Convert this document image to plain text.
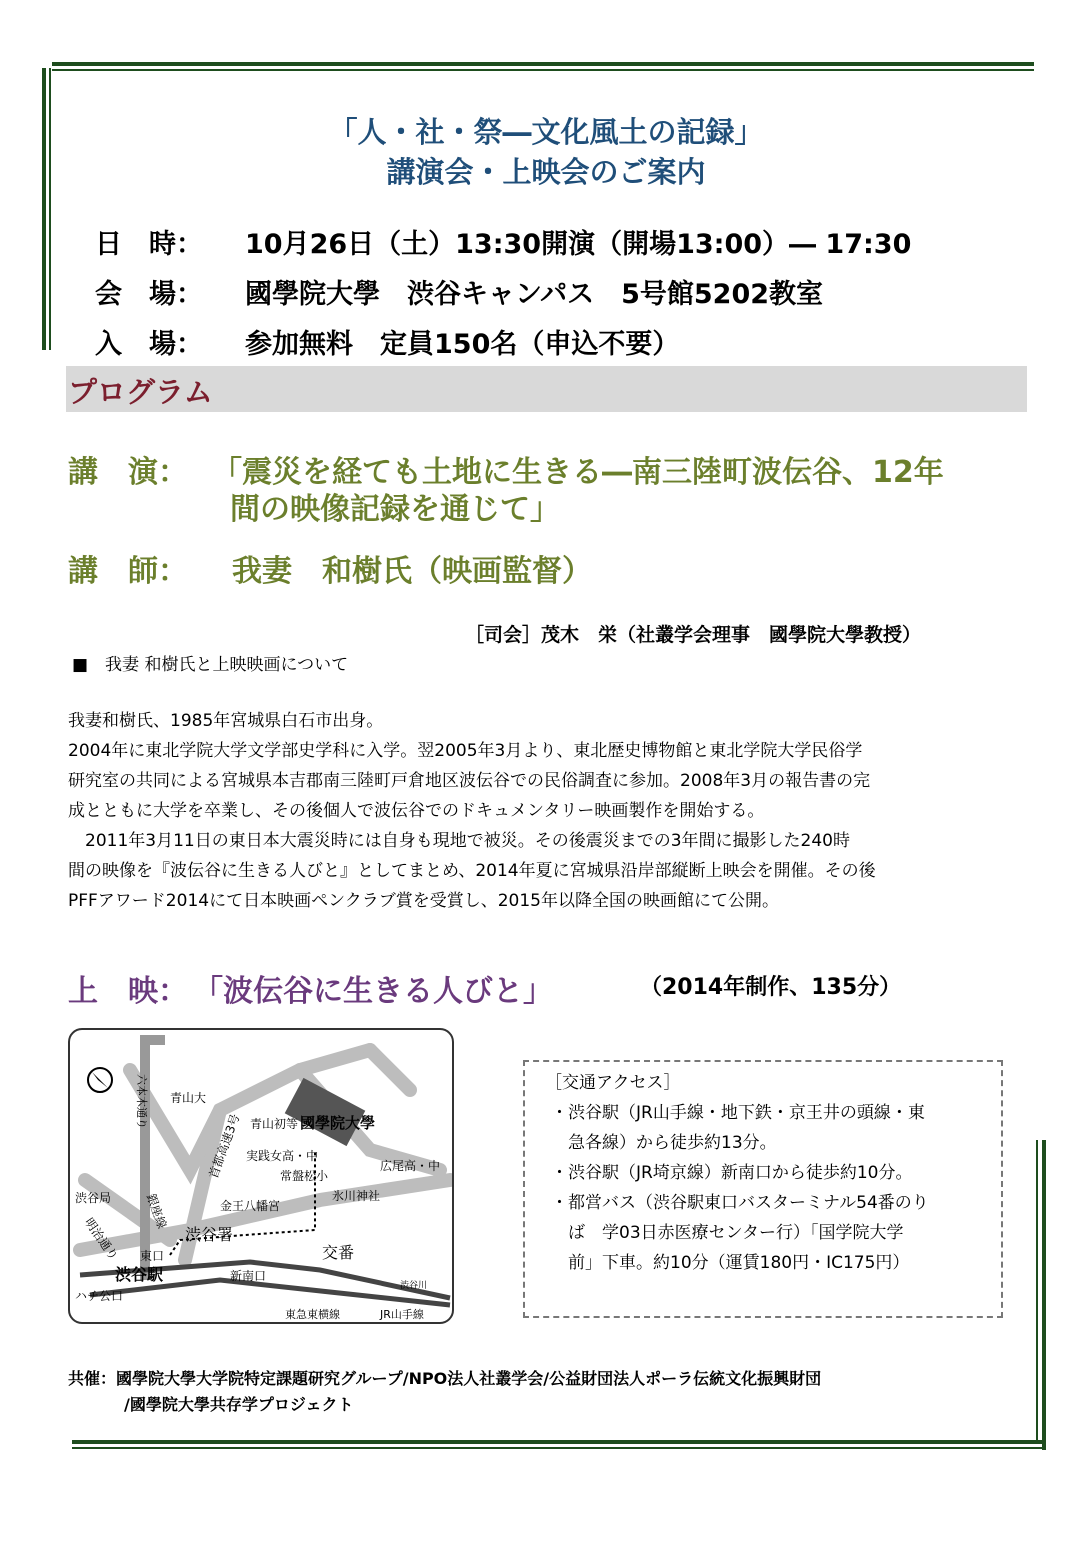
「人・社・祭―文化風土の記録」
講演会・上映会のご案内
日　時： 10月26日（土）13:30開演（開場13:00）― 17:30
会　場： 國學院大學　渋谷キャンパス　5号館5202教室
入　場： 参加無料　定員150名（申込不要）
プログラム
講　演： 「震災を経ても土地に生きる―南三陸町波伝谷、12年
間の映像記録を通じて」
講　師： 我妻　和樹氏（映画監督）
［司会］茂木　栄（社叢学会理事　國學院大學教授）
■　我妻 和樹氏と上映映画について
我妻和樹氏、1985年宮城県白石市出身。
2004年に東北学院大学文学部史学科に入学。翌2005年3月より、東北歴史博物館と東北学院大学民俗学
研究室の共同による宮城県本吉郡南三陸町戸倉地区波伝谷での民俗調査に参加。2008年3月の報告書の完
成とともに大学を卒業し、その後個人で波伝谷でのドキュメンタリー映画製作を開始する。
　2011年3月11日の東日本大震災時には自身も現地で被災。その後震災までの3年間に撮影した240時
間の映像を『波伝谷に生きる人びと』としてまとめ、2014年夏に宮城県沿岸部縦断上映会を開催。その後
PFFアワード2014にて日本映画ペンクラブ賞を受賞し、2015年以降全国の映画館にて公開。
上　映： 「波伝谷に生きる人びと」	（2014年制作、135分）
青山大
青山初等 國學院大學
実践女高・中
常盤松小
広尾高・中
氷川神社
金王八幡宮
渋谷署
交番
東口
渋谷駅	新南口
ハチ公口
渋谷川
東急東横線	JR山手線
渋谷局
明治通り
六本木通り
首都高速3号
銀座線
［交通アクセス］
・渋谷駅（JR山手線・地下鉄・京王井の頭線・東
　急各線）から徒歩約13分。
・渋谷駅（JR埼京線）新南口から徒歩約10分。
・都営バス（渋谷駅東口バスターミナル54番のり
　ば　学03日赤医療センター行）「国学院大学
　前」下車。約10分（運賃180円・IC175円）
共催：國學院大學大学院特定課題研究グループ/NPO法人社叢学会/公益財団法人ポーラ伝統文化振興財団
/國學院大學共存学プロジェクト
